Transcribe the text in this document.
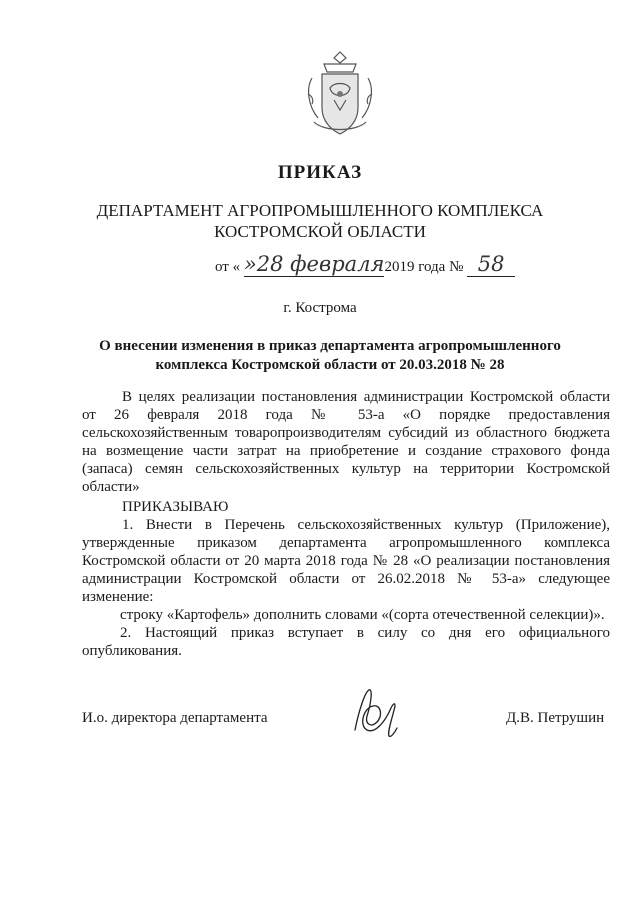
ПРИКАЗ
ДЕПАРТАМЕНТ АГРОПРОМЫШЛЕННОГО КОМПЛЕКСА
КОСТРОМСКОЙ ОБЛАСТИ
от « »28 февраля2019 года № 58
г. Кострома
О внесении изменения в приказ департамента агропромышленного
комплекса Костромской области от 20.03.2018 № 28

В целях реализации постановления администрации Костромской области от 26 февраля 2018 года № 53-а «О порядке предоставления сельскохозяйственным товаропроизводителям субсидий из областного бюджета на возмещение части затрат на приобретение и создание страхового фонда (запаса) семян сельскохозяйственных культур на территории Костромской области»

ПРИКАЗЫВАЮ

1. Внести в Перечень сельскохозяйственных культур (Приложение), утвержденные приказом департамента агропромышленного комплекса Костромской области от 20 марта 2018 года № 28 «О реализации постановления администрации Костромской области от 26.02.2018 № 53-а» следующее изменение:

строку «Картофель» дополнить словами «(сорта отечественной селекции)».

2. Настоящий приказ вступает в силу со дня его официального опубликования.

И.о. директора департамента	Д.В. Петрушин
